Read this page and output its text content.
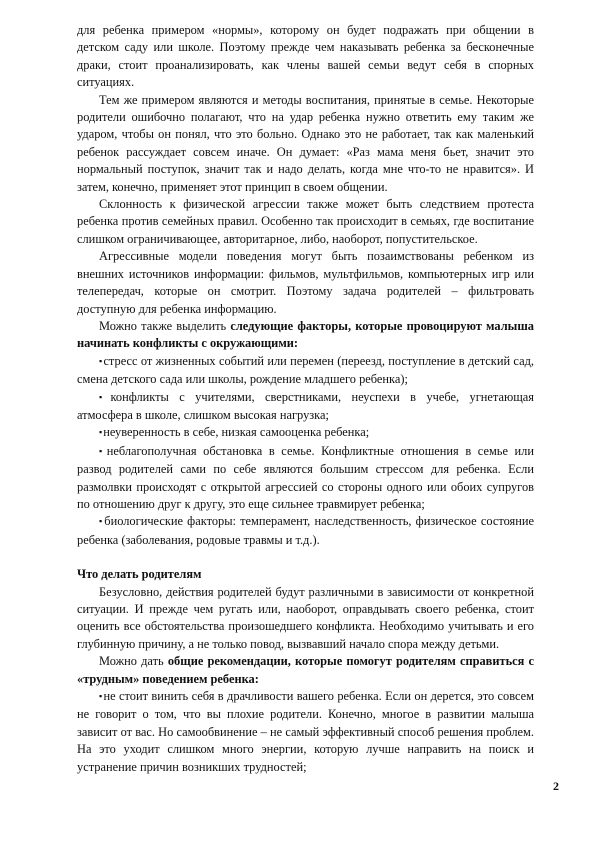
для ребенка примером «нормы», которому он будет подражать при общении в детском саду или школе. Поэтому прежде чем наказывать ребенка за бесконечные драки, стоит проанализировать, как члены вашей семьи ведут себя в спорных ситуациях.

Тем же примером являются и методы воспитания, принятые в семье. Некоторые родители ошибочно полагают, что на удар ребенка нужно ответить ему таким же ударом, чтобы он понял, что это больно. Однако это не работает, так как маленький ребенок рассуждает совсем иначе. Он думает: «Раз мама меня бьет, значит это нормальный поступок, значит так и надо делать, когда мне что-то не нравится». И затем, конечно, применяет этот принцип в своем общении.

Склонность к физической агрессии также может быть следствием протеста ребенка против семейных правил. Особенно так происходит в семьях, где воспитание слишком ограничивающее, авторитарное, либо, наоборот, попустительское.

Агрессивные модели поведения могут быть позаимствованы ребенком из внешних источников информации: фильмов, мультфильмов, компьютерных игр или телепередач, которые он смотрит. Поэтому задача родителей – фильтровать доступную для ребенка информацию.

Можно также выделить следующие факторы, которые провоцируют малыша начинать конфликты с окружающими:

▪ стресс от жизненных событий или перемен (переезд, поступление в детский сад, смена детского сада или школы, рождение младшего ребенка);

▪ конфликты с учителями, сверстниками, неуспехи в учебе, угнетающая атмосфера в школе, слишком высокая нагрузка;

▪ неуверенность в себе, низкая самооценка ребенка;

▪ неблагополучная обстановка в семье. Конфликтные отношения в семье или развод родителей сами по себе являются большим стрессом для ребенка. Если размолвки происходят с открытой агрессией со стороны одного или обоих супругов по отношению друг к другу, это еще сильнее травмирует ребенка;

▪ биологические факторы: темперамент, наследственность, физическое состояние ребенка (заболевания, родовые травмы и т.д.).

Что делать родителям

Безусловно, действия родителей будут различными в зависимости от конкретной ситуации. И прежде чем ругать или, наоборот, оправдывать своего ребенка, стоит оценить все обстоятельства произошедшего конфликта. Необходимо учитывать и его глубинную причину, а не только повод, вызвавший начало спора между детьми.

Можно дать общие рекомендации, которые помогут родителям справиться с «трудным» поведением ребенка:

▪ не стоит винить себя в драчливости вашего ребенка. Если он дерется, это совсем не говорит о том, что вы плохие родители. Конечно, многое в развитии малыша зависит от вас. Но самообвинение – не самый эффективный способ решения проблем. На это уходит слишком много энергии, которую лучше направить на поиск и устранение причин возникших трудностей;

2
